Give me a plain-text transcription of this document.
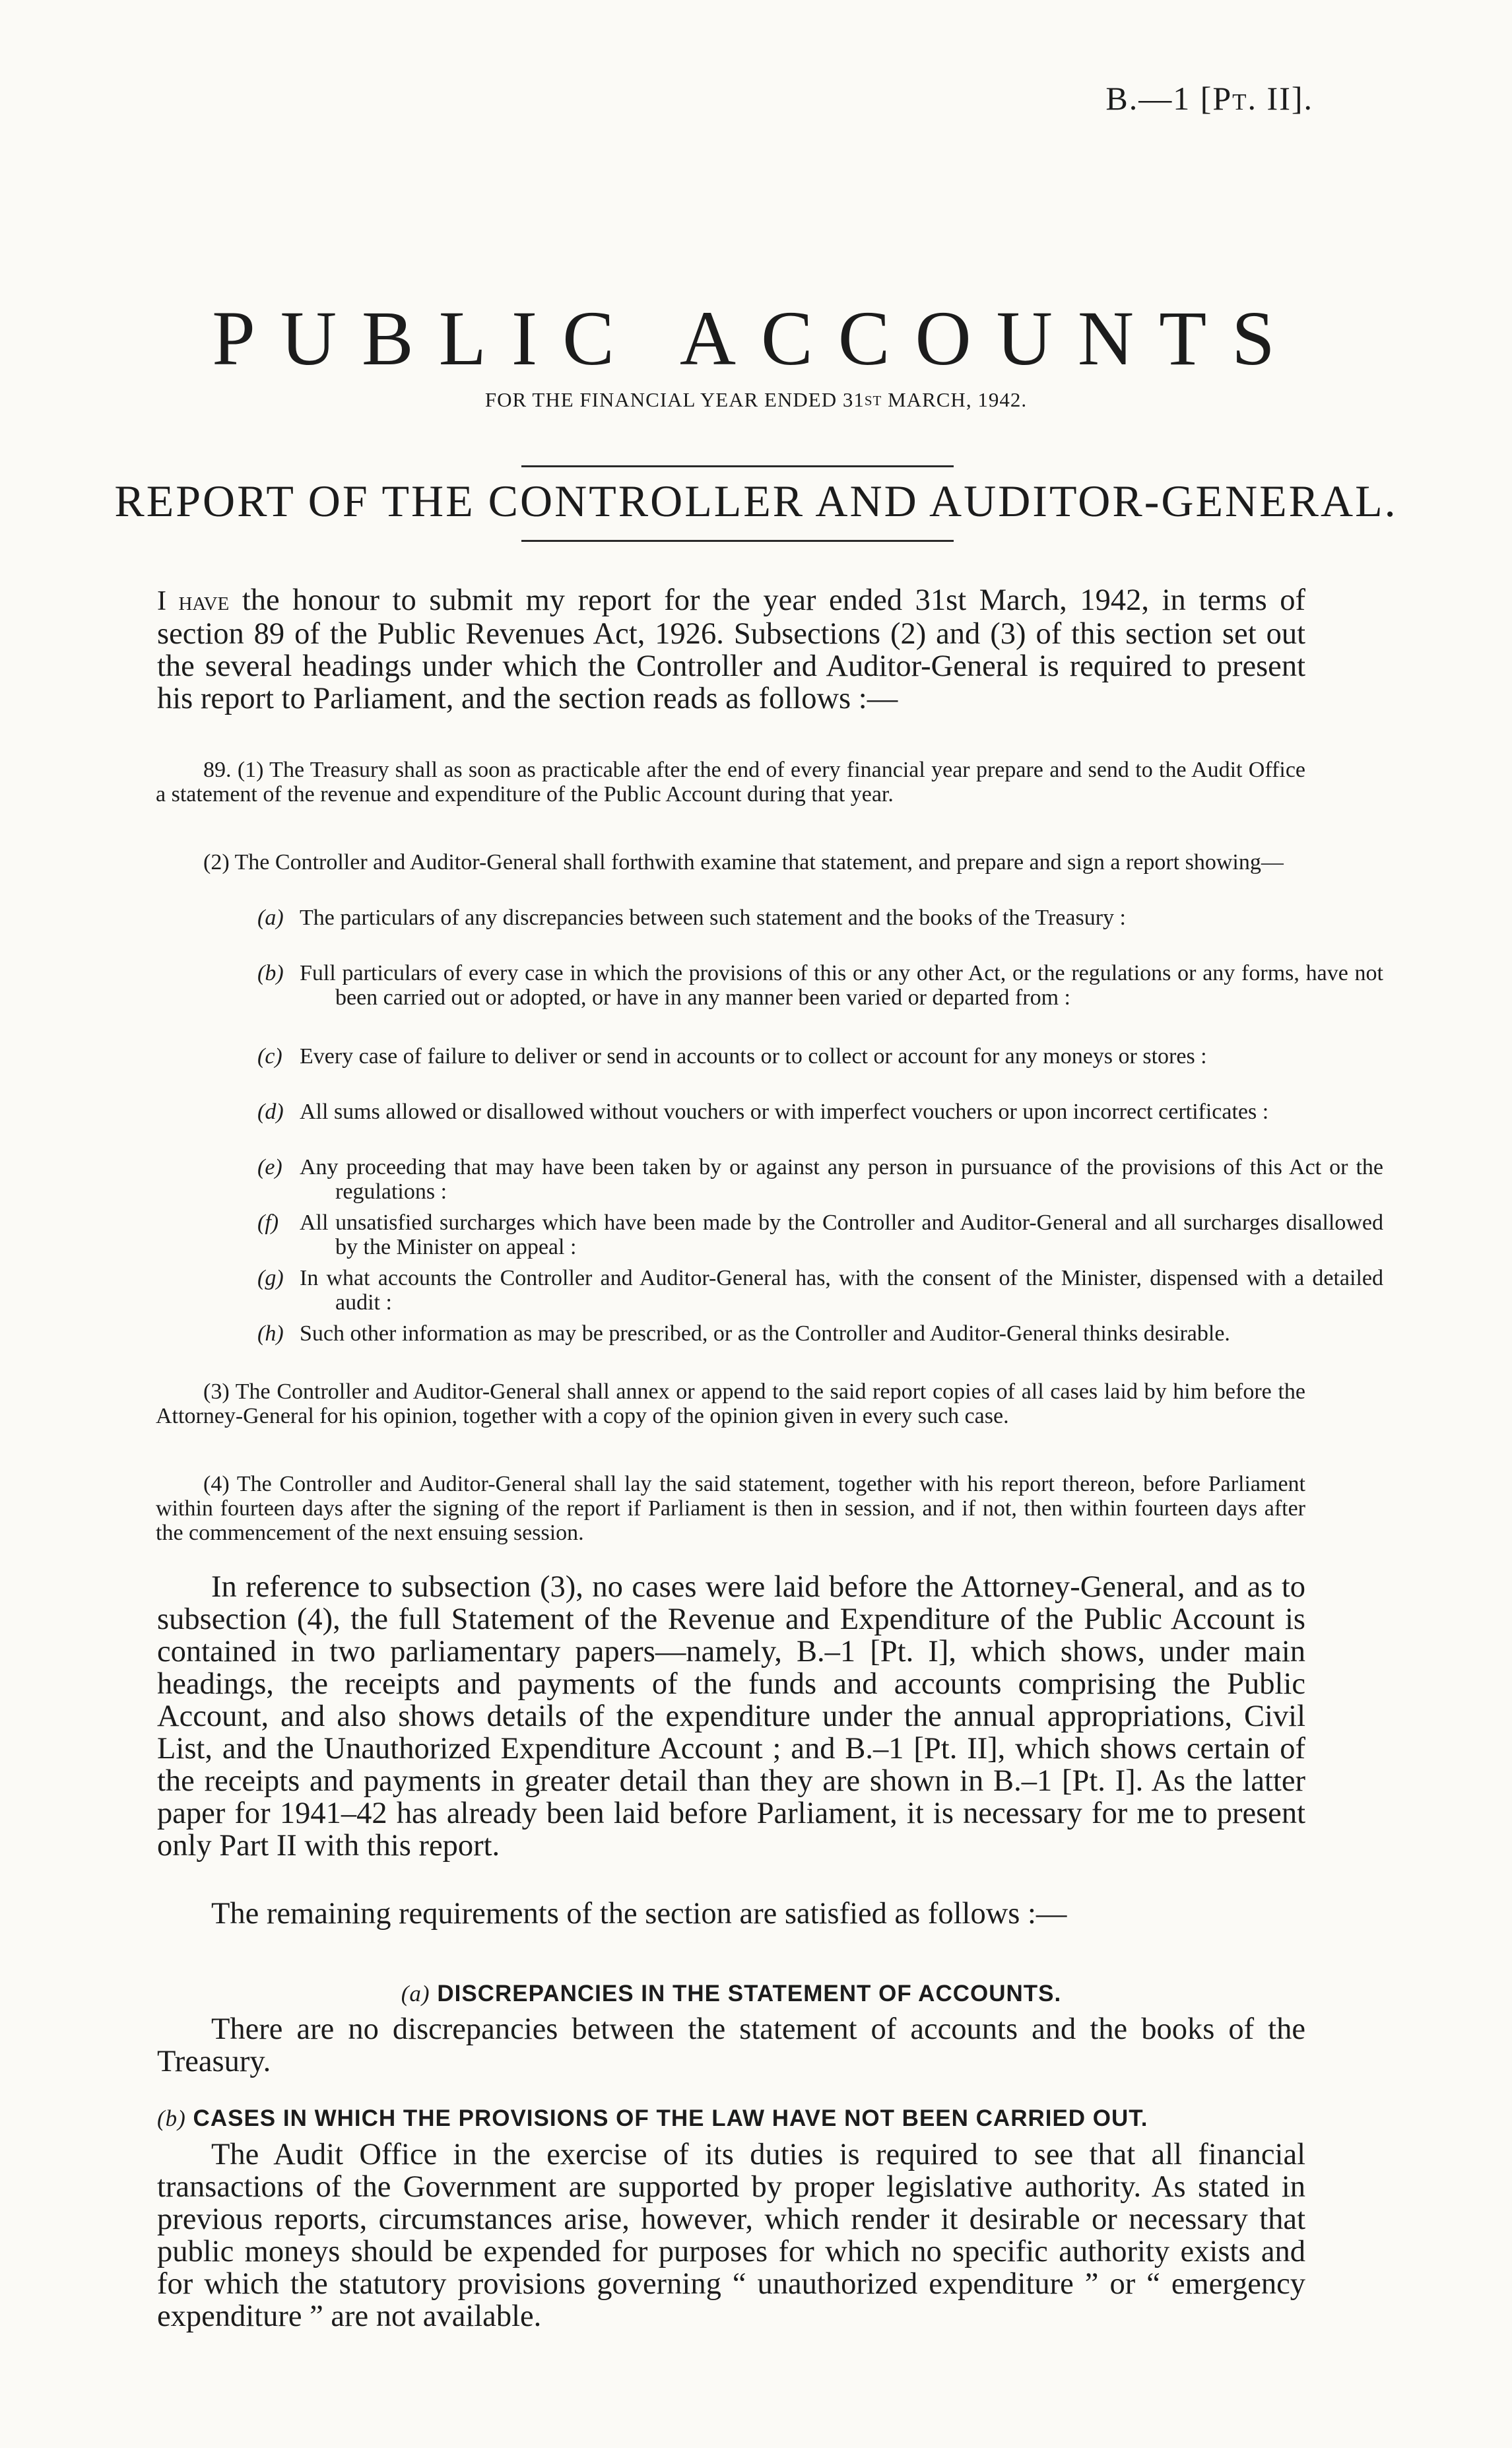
B.—1 [Pt. II].
PUBLIC ACCOUNTS
FOR THE FINANCIAL YEAR ENDED 31ST MARCH, 1942.
REPORT OF THE CONTROLLER AND AUDITOR-GENERAL.

I have the honour to submit my report for the year ended 31st March, 1942, in terms of section 89 of the Public Revenues Act, 1926. Subsections (2) and (3) of this section set out the several headings under which the Controller and Auditor-General is required to present his report to Parliament, and the section reads as follows :—

89. (1) The Treasury shall as soon as practicable after the end of every financial year prepare and send to the Audit Office a statement of the revenue and expenditure of the Public Account during that year.

(2) The Controller and Auditor-General shall forthwith examine that statement, and prepare and sign a report showing—

(a) The particulars of any discrepancies between such statement and the books of the Treasury :

(b) Full particulars of every case in which the provisions of this or any other Act, or the regulations or any forms, have not been carried out or adopted, or have in any manner been varied or departed from :

(c) Every case of failure to deliver or send in accounts or to collect or account for any moneys or stores :

(d) All sums allowed or disallowed without vouchers or with imperfect vouchers or upon incorrect certificates :

(e) Any proceeding that may have been taken by or against any person in pursuance of the provisions of this Act or the regulations :

(f) All unsatisfied surcharges which have been made by the Controller and Auditor-General and all surcharges disallowed by the Minister on appeal :

(g) In what accounts the Controller and Auditor-General has, with the consent of the Minister, dispensed with a detailed audit :

(h) Such other information as may be prescribed, or as the Controller and Auditor-General thinks desirable.

(3) The Controller and Auditor-General shall annex or append to the said report copies of all cases laid by him before the Attorney-General for his opinion, together with a copy of the opinion given in every such case.

(4) The Controller and Auditor-General shall lay the said statement, together with his report thereon, before Parliament within fourteen days after the signing of the report if Parliament is then in session, and if not, then within fourteen days after the commencement of the next ensuing session.

In reference to subsection (3), no cases were laid before the Attorney-General, and as to subsection (4), the full Statement of the Revenue and Expenditure of the Public Account is contained in two parliamentary papers—namely, B.–1 [Pt. I], which shows, under main headings, the receipts and payments of the funds and accounts comprising the Public Account, and also shows details of the expenditure under the annual appropriations, Civil List, and the Unauthorized Expenditure Account ; and B.–1 [Pt. II], which shows certain of the receipts and payments in greater detail than they are shown in B.–1 [Pt. I]. As the latter paper for 1941–42 has already been laid before Parliament, it is necessary for me to present only Part II with this report.

The remaining requirements of the section are satisfied as follows :—

(a) DISCREPANCIES IN THE STATEMENT OF ACCOUNTS.

There are no discrepancies between the statement of accounts and the books of the Treasury.

(b) CASES IN WHICH THE PROVISIONS OF THE LAW HAVE NOT BEEN CARRIED OUT.

The Audit Office in the exercise of its duties is required to see that all financial transactions of the Government are supported by proper legislative authority. As stated in previous reports, circumstances arise, however, which render it desirable or necessary that public moneys should be expended for purposes for which no specific authority exists and for which the statutory provisions governing “ unauthorized expenditure ” or “ emergency expenditure ” are not available.
